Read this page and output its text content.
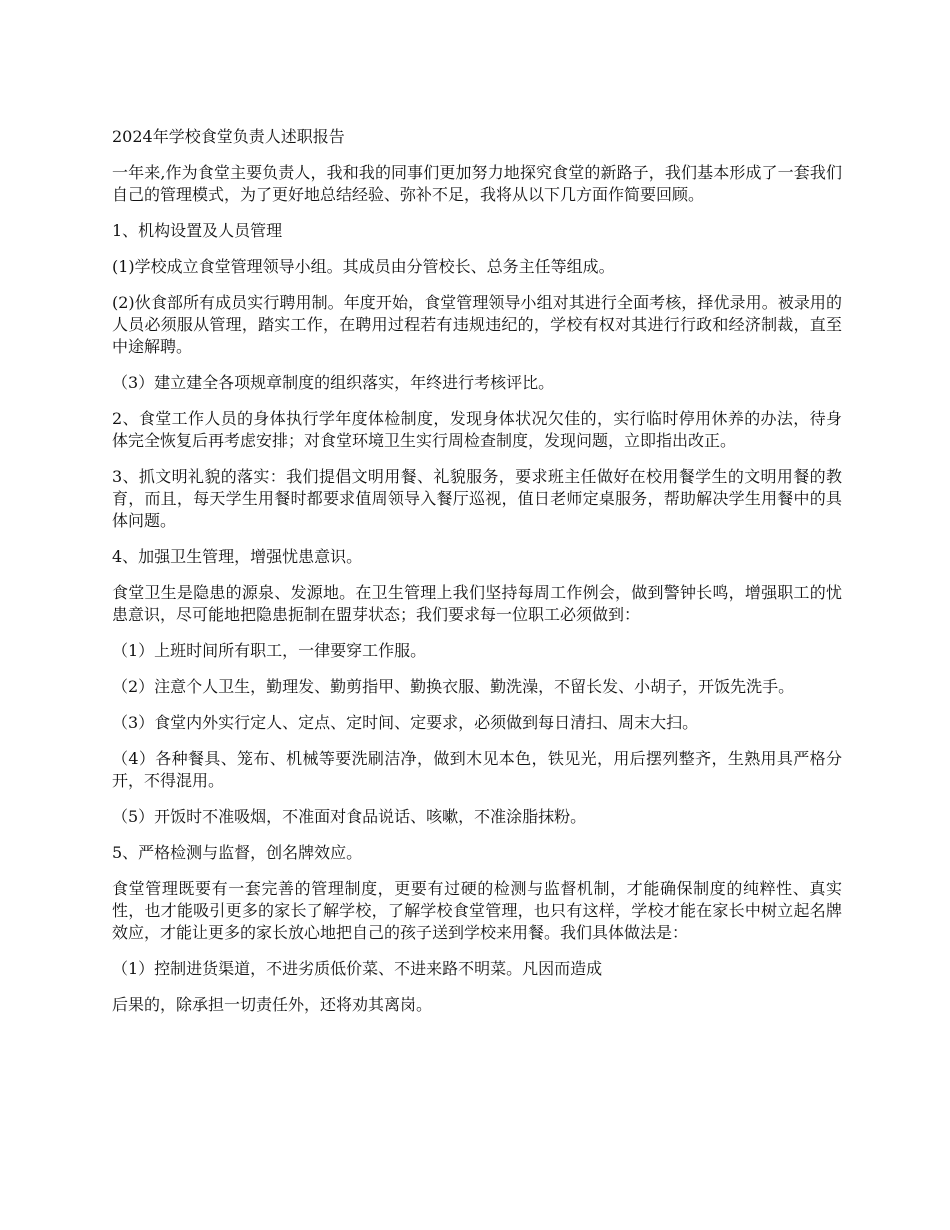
2024年学校食堂负责人述职报告

一年来,作为食堂主要负责人，我和我的同事们更加努力地探究食堂的新路子，我们基本形成了一套我们自己的管理模式，为了更好地总结经验、弥补不足，我将从以下几方面作简要回顾。

1、机构设置及人员管理

(1)学校成立食堂管理领导小组。其成员由分管校长、总务主任等组成。

(2)伙食部所有成员实行聘用制。年度开始，食堂管理领导小组对其进行全面考核，择优录用。被录用的人员必须服从管理，踏实工作，在聘用过程若有违规违纪的，学校有权对其进行行政和经济制裁，直至中途解聘。

（3）建立建全各项规章制度的组织落实，年终进行考核评比。

2、食堂工作人员的身体执行学年度体检制度，发现身体状况欠佳的，实行临时停用休养的办法，待身体完全恢复后再考虑安排；对食堂环境卫生实行周检查制度，发现问题，立即指出改正。

3、抓文明礼貌的落实：我们提倡文明用餐、礼貌服务，要求班主任做好在校用餐学生的文明用餐的教育，而且，每天学生用餐时都要求值周领导入餐厅巡视，值日老师定桌服务，帮助解决学生用餐中的具体问题。

4、加强卫生管理，增强忧患意识。

食堂卫生是隐患的源泉、发源地。在卫生管理上我们坚持每周工作例会，做到警钟长鸣，增强职工的忧患意识，尽可能地把隐患扼制在盟芽状态；我们要求每一位职工必须做到：

（1）上班时间所有职工，一律要穿工作服。

（2）注意个人卫生，勤理发、勤剪指甲、勤换衣服、勤洗澡，不留长发、小胡子，开饭先洗手。

（3）食堂内外实行定人、定点、定时间、定要求，必须做到每日清扫、周末大扫。

（4）各种餐具、笼布、机械等要洗刷洁净，做到木见本色，铁见光，用后摆列整齐，生熟用具严格分开，不得混用。

（5）开饭时不准吸烟，不准面对食品说话、咳嗽，不准涂脂抹粉。

5、严格检测与监督，创名牌效应。

食堂管理既要有一套完善的管理制度，更要有过硬的检测与监督机制，才能确保制度的纯粹性、真实性，也才能吸引更多的家长了解学校，了解学校食堂管理，也只有这样，学校才能在家长中树立起名牌效应，才能让更多的家长放心地把自己的孩子送到学校来用餐。我们具体做法是：

（1）控制进货渠道，不进劣质低价菜、不进来路不明菜。凡因而造成

后果的，除承担一切责任外，还将劝其离岗。
